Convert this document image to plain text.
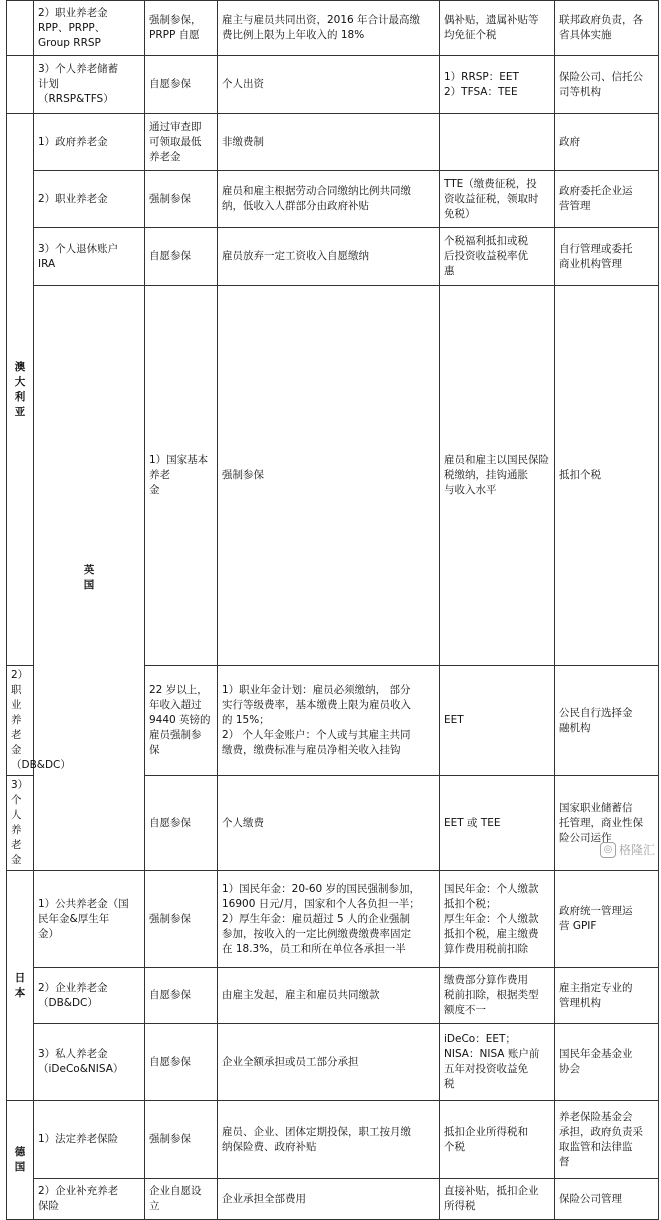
	2）职业养老金
RPP、PRPP、
Group RRSP	强制参保，
PRPP 自愿	雇主与雇员共同出资，2016 年合计最高缴
费比例上限为上年收入的 18%	偶补贴，遗属补贴等
均免征个税	联邦政府负责，各
省具体实施	

	3）个人养老储蓄
计划
（RRSP&TFS）	自愿参保	个人出资	1）RRSP：EET
2）TFSA：TEE	保险公司、信托公
司等机构	

澳
大
利
亚	1）政府养老金	通过审查即
可领取最低
养老金	非缴费制		政府	

	2）职业养老金	强制参保	雇员和雇主根据劳动合同缴纳比例共同缴
纳，低收入人群部分由政府补贴	TTE（缴费征税，投
资收益征税，领取时
免税）	政府委托企业运
营管理	

	3）个人退休账户
IRA	自愿参保	雇员放弃一定工资收入自愿缴纳	个税福利抵扣或税
后投资收益税率优
惠	自行管理或委托
商业机构管理	

	英
国	1）国家基本养老
金	强制参保	雇员和雇主以国民保险税缴纳，挂钩通胀
与收入水平	抵扣个税

2）职业养老金
（DB&DC）		22 岁以上，
年收入超过
9440 英镑的
雇员强制参
保	1）职业年金计划：雇员必须缴纳， 部分
实行等级费率，基本缴费上限为雇员收入
的 15%；
2） 个人年金账户：个人或与其雇主共同
缴费，缴费标准与雇员净相关收入挂钩	EET	公民自行选择金
融机构	

3）个人养老金		自愿参保	个人缴费	EET 或 TEE	国家职业储蓄信
托管理，商业性保
险公司运作	

日
本	1）公共养老金（国
民年金&厚生年
金）	强制参保	1）国民年金：20-60 岁的国民强制参加，
16900 日元/月，国家和个人各负担一半；
2）厚生年金：雇员超过 5 人的企业强制
参加，按收入的一定比例缴费缴费率固定
在 18.3%，员工和所在单位各承担一半	国民年金：个人缴款
抵扣个税；
厚生年金：个人缴款
抵扣个税，雇主缴费
算作费用税前扣除	政府统一管理运
营 GPIF	

	2）企业养老金
（DB&DC）	自愿参保	由雇主发起，雇主和雇员共同缴款	缴费部分算作费用
税前扣除，根据类型
额度不一	雇主指定专业的
管理机构	

	3）私人养老金
（iDeCo&NISA）	自愿参保	企业全额承担或员工部分承担	iDeCo：EET；
NISA：NISA 账户前
五年对投资收益免
税	国民年金基金业
协会	

德
国	1）法定养老保险	强制参保	雇员、企业、团体定期投保，职工按月缴
纳保险费、政府补贴	抵扣企业所得税和
个税	养老保险基金会
承担，政府负责采
取监管和法律监
督	

	2）企业补充养老
保险	企业自愿设
立	企业承担全部费用	直接补贴，抵扣企业
所得税	保险公司管理	
◎ 格隆汇
